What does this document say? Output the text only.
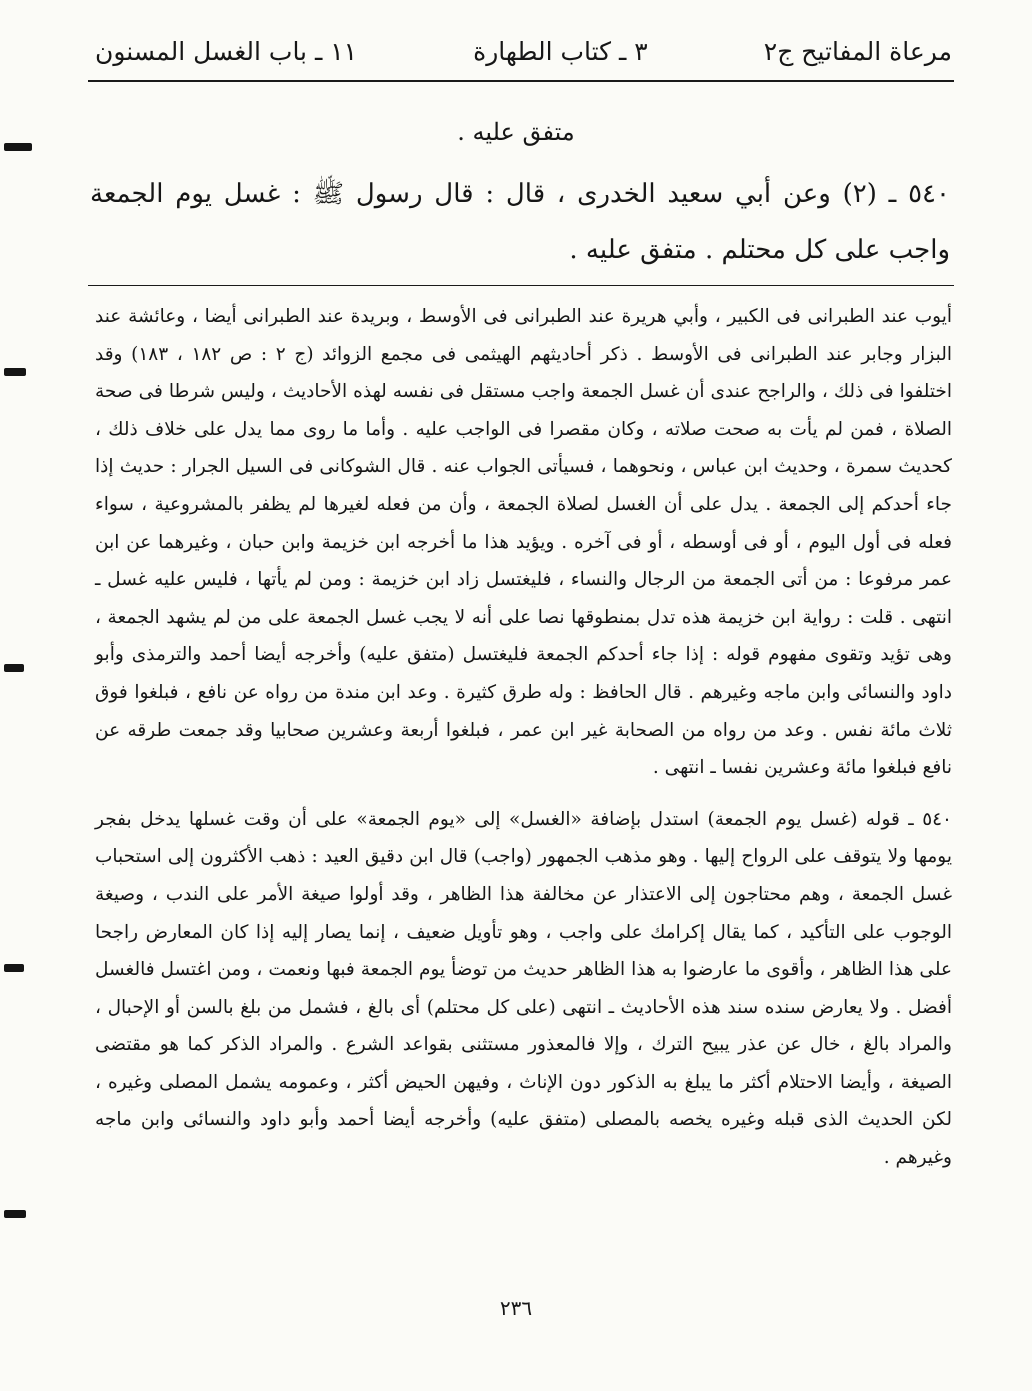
مرعاة المفاتيح ج٢
٣ ـ كتاب الطهارة
١١ ـ باب الغسل المسنون
متفق عليه .
٥٤٠ ـ (٢) وعن أبي سعيد الخدرى ، قال : قال رسول ﷺ : غسل يوم الجمعة واجب على كل محتلم . متفق عليه .

أيوب عند الطبرانى فى الكبير ، وأبي هريرة عند الطبرانى فى الأوسط ، وبريدة عند الطبرانى أيضا ، وعائشة عند البزار وجابر عند الطبرانى فى الأوسط . ذكر أحاديثهم الهيثمى فى مجمع الزوائد (ج ٢ : ص ١٨٢ ، ١٨٣) وقد اختلفوا فى ذلك ، والراجح عندى أن غسل الجمعة واجب مستقل فى نفسه لهذه الأحاديث ، وليس شرطا فى صحة الصلاة ، فمن لم يأت به صحت صلاته ، وكان مقصرا فى الواجب عليه . وأما ما روى مما يدل على خلاف ذلك ، كحديث سمرة ، وحديث ابن عباس ، ونحوهما ، فسيأتى الجواب عنه . قال الشوكانى فى السيل الجرار : حديث إذا جاء أحدكم إلى الجمعة . يدل على أن الغسل لصلاة الجمعة ، وأن من فعله لغيرها لم يظفر بالمشروعية ، سواء فعله فى أول اليوم ، أو فى أوسطه ، أو فى آخره . ويؤيد هذا ما أخرجه ابن خزيمة وابن حبان ، وغيرهما عن ابن عمر مرفوعا : من أتى الجمعة من الرجال والنساء ، فليغتسل زاد ابن خزيمة : ومن لم يأتها ، فليس عليه غسل ـ انتهى . قلت : رواية ابن خزيمة هذه تدل بمنطوقها نصا على أنه لا يجب غسل الجمعة على من لم يشهد الجمعة ، وهى تؤيد وتقوى مفهوم قوله : إذا جاء أحدكم الجمعة فليغتسل (متفق عليه) وأخرجه أيضا أحمد والترمذى وأبو داود والنسائى وابن ماجه وغيرهم . قال الحافظ : وله طرق كثيرة . وعد ابن مندة من رواه عن نافع ، فبلغوا فوق ثلاث مائة نفس . وعد من رواه من الصحابة غير ابن عمر ، فبلغوا أربعة وعشرين صحابيا وقد جمعت طرقه عن نافع فبلغوا مائة وعشرين نفسا ـ انتهى .

٥٤٠ ـ قوله (غسل يوم الجمعة) استدل بإضافة «الغسل» إلى «يوم الجمعة» على أن وقت غسلها يدخل بفجر يومها ولا يتوقف على الرواح إليها . وهو مذهب الجمهور (واجب) قال ابن دقيق العيد : ذهب الأكثرون إلى استحباب غسل الجمعة ، وهم محتاجون إلى الاعتذار عن مخالفة هذا الظاهر ، وقد أولوا صيغة الأمر على الندب ، وصيغة الوجوب على التأكيد ، كما يقال إكرامك على واجب ، وهو تأويل ضعيف ، إنما يصار إليه إذا كان المعارض راجحا على هذا الظاهر ، وأقوى ما عارضوا به هذا الظاهر حديث من توضأ يوم الجمعة فبها ونعمت ، ومن اغتسل فالغسل أفضل . ولا يعارض سنده سند هذه الأحاديث ـ انتهى (على كل محتلم) أى بالغ ، فشمل من بلغ بالسن أو الإحبال ، والمراد بالغ ، خال عن عذر يبيح الترك ، وإلا فالمعذور مستثنى بقواعد الشرع . والمراد الذكر كما هو مقتضى الصيغة ، وأيضا الاحتلام أكثر ما يبلغ به الذكور دون الإناث ، وفيهن الحيض أكثر ، وعمومه يشمل المصلى وغيره ، لكن الحديث الذى قبله وغيره يخصه بالمصلى (متفق عليه) وأخرجه أيضا أحمد وأبو داود والنسائى وابن ماجه وغيرهم .

٢٣٦
